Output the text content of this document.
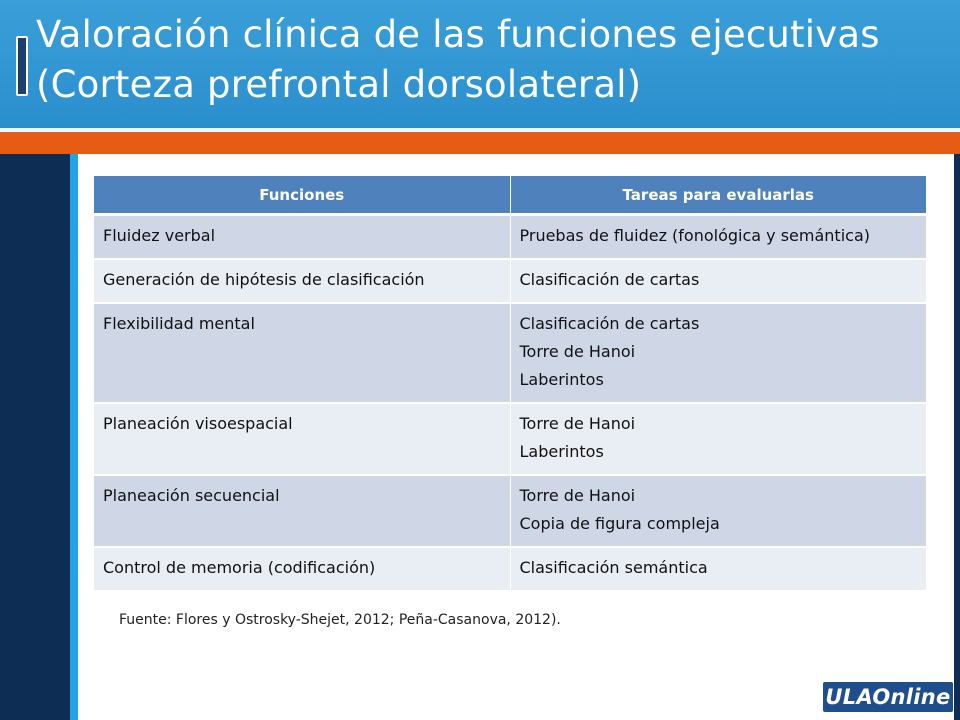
Valoración clínica de las funciones ejecutivas (Corteza prefrontal dorsolateral)
Funciones	Tareas para evaluarlas
Fluidez verbal	Pruebas de fluidez (fonológica y semántica)

Generación de hipótesis de clasificación	Clasificación de cartas

Flexibilidad mental	Clasificación de cartas
Torre de Hanoi
Laberintos

Planeación visoespacial	Torre de Hanoi
Laberintos

Planeación secuencial	Torre de Hanoi
Copia de figura compleja

Control de memoria (codificación)	Clasificación semántica
Fuente: Flores y Ostrosky-Shejet, 2012; Peña-Casanova, 2012).
ULAOnline
